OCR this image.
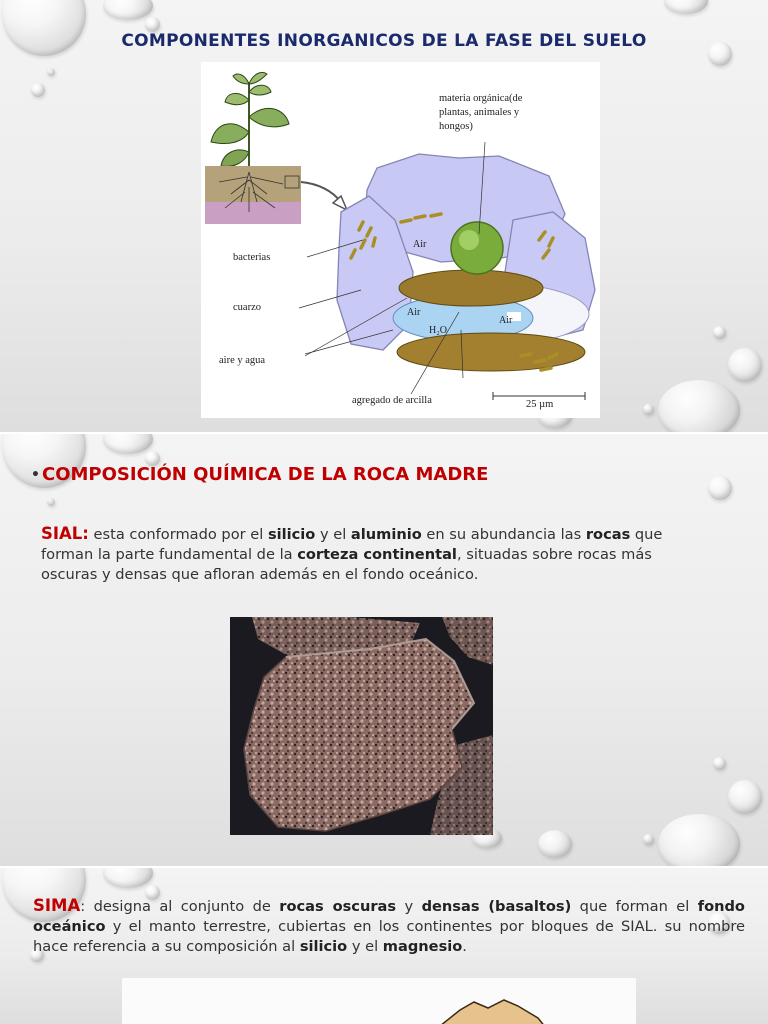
COMPONENTES INORGANICOS DE LA FASE DEL SUELO
materia orgánica(de
plantas, animales y
hongos)
bacterias
cuarzo
aire y agua
agregado de arcilla	25 µm
Air
Air
Air
H₂O
• COMPOSICIÓN QUÍMICA DE LA ROCA MADRE
SIAL: esta conformado por el silicio y el aluminio en su abundancia las rocas que forman la parte fundamental de la corteza continental, situadas sobre rocas más oscuras y densas que afloran además en el fondo oceánico.
SIMA: designa al conjunto de rocas oscuras y densas (basaltos) que forman el fondo oceánico y el manto terrestre, cubiertas en los continentes por bloques de SIAL. su nombre hace referencia a su composición al silicio y el magnesio.
